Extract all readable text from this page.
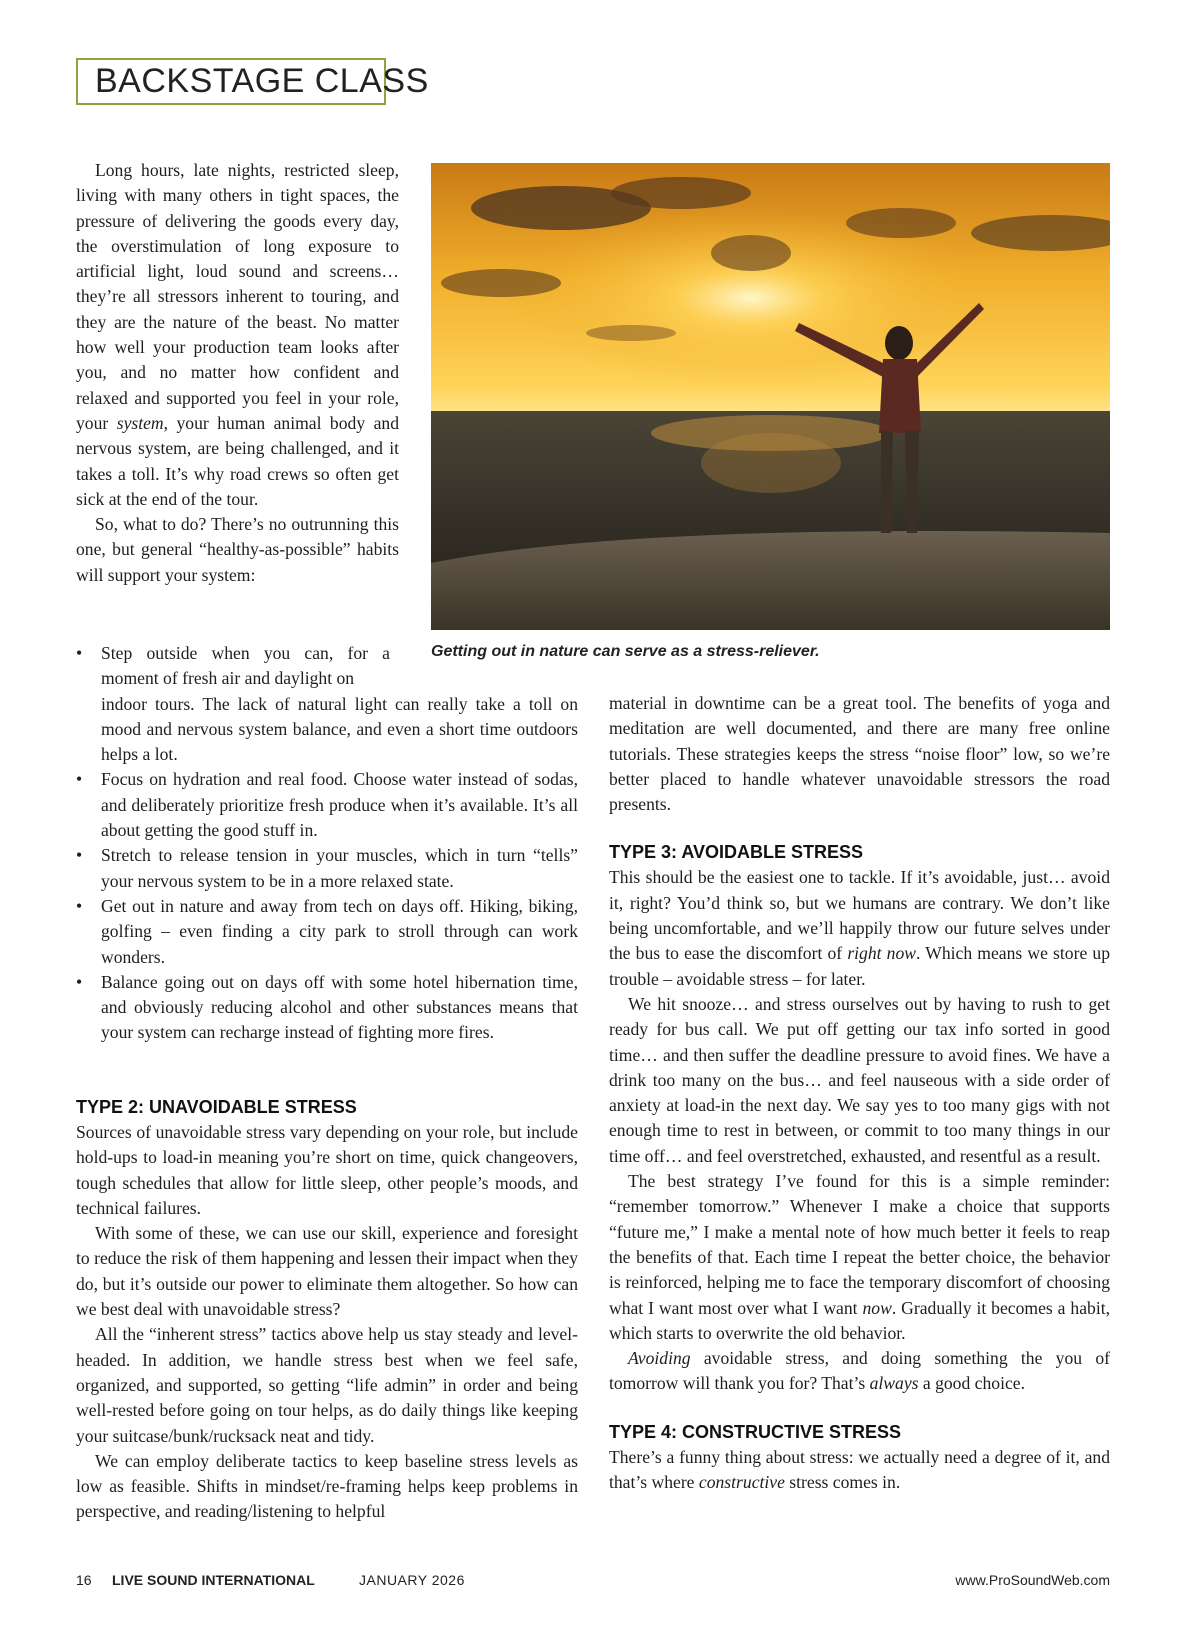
BACKSTAGE CLASS

Long hours, late nights, restricted sleep, living with many others in tight spaces, the pressure of delivering the goods every day, the overstimulation of long exposure to artificial light, loud sound and screens… they’re all stressors inherent to touring, and they are the nature of the beast. No matter how well your production team looks after you, and no matter how confident and relaxed and supported you feel in your role, your system, your human animal body and nervous system, are being challenged, and it takes a toll. It’s why road crews so often get sick at the end of the tour.

So, what to do? There’s no outrunning this one, but general “healthy-as-possible” habits will support your system:

Getting out in nature can serve as a stress-reliever.
• Step outside when you can, for a moment of fresh air and daylight on
indoor tours. The lack of natural light can really take a toll on mood and nervous system balance, and even a short time outdoors helps a lot.
• Focus on hydration and real food. Choose water instead of sodas, and deliberately prioritize fresh produce when it’s available. It’s all about getting the good stuff in.
• Stretch to release tension in your muscles, which in turn “tells” your nervous system to be in a more relaxed state.
• Get out in nature and away from tech on days off. Hiking, biking, golfing – even finding a city park to stroll through can work wonders.
• Balance going out on days off with some hotel hibernation time, and obviously reducing alcohol and other substances means that your system can recharge instead of fighting more fires.
TYPE 2: UNAVOIDABLE STRESS

Sources of unavoidable stress vary depending on your role, but include hold-ups to load-in meaning you’re short on time, quick changeovers, tough schedules that allow for little sleep, other people’s moods, and technical failures.

With some of these, we can use our skill, experience and foresight to reduce the risk of them happening and lessen their impact when they do, but it’s outside our power to eliminate them altogether. So how can we best deal with unavoidable stress?

All the “inherent stress” tactics above help us stay steady and level-headed. In addition, we handle stress best when we feel safe, organized, and supported, so getting “life admin” in order and being well-rested before going on tour helps, as do daily things like keeping your suitcase/bunk/rucksack neat and tidy.

We can employ deliberate tactics to keep baseline stress levels as low as feasible. Shifts in mindset/re-framing helps keep problems in perspective, and reading/listening to helpful

material in downtime can be a great tool. The benefits of yoga and meditation are well documented, and there are many free online tutorials. These strategies keeps the stress “noise floor” low, so we’re better placed to handle whatever unavoidable stressors the road presents.

TYPE 3: AVOIDABLE STRESS

This should be the easiest one to tackle. If it’s avoidable, just… avoid it, right? You’d think so, but we humans are contrary. We don’t like being uncomfortable, and we’ll happily throw our future selves under the bus to ease the discomfort of right now. Which means we store up trouble – avoidable stress – for later.

We hit snooze… and stress ourselves out by having to rush to get ready for bus call. We put off getting our tax info sorted in good time… and then suffer the deadline pressure to avoid fines. We have a drink too many on the bus… and feel nauseous with a side order of anxiety at load-in the next day. We say yes to too many gigs with not enough time to rest in between, or commit to too many things in our time off… and feel overstretched, exhausted, and resentful as a result.

The best strategy I’ve found for this is a simple reminder: “remember tomorrow.” Whenever I make a choice that supports “future me,” I make a mental note of how much better it feels to reap the benefits of that. Each time I repeat the better choice, the behavior is reinforced, helping me to face the temporary discomfort of choosing what I want most over what I want now. Gradually it becomes a habit, which starts to overwrite the old behavior.

Avoiding avoidable stress, and doing something the you of tomorrow will thank you for? That’s always a good choice.

TYPE 4: CONSTRUCTIVE STRESS

There’s a funny thing about stress: we actually need a degree of it, and that’s where constructive stress comes in.

16 LIVE SOUND INTERNATIONAL	JANUARY 2026	www.ProSoundWeb.com
